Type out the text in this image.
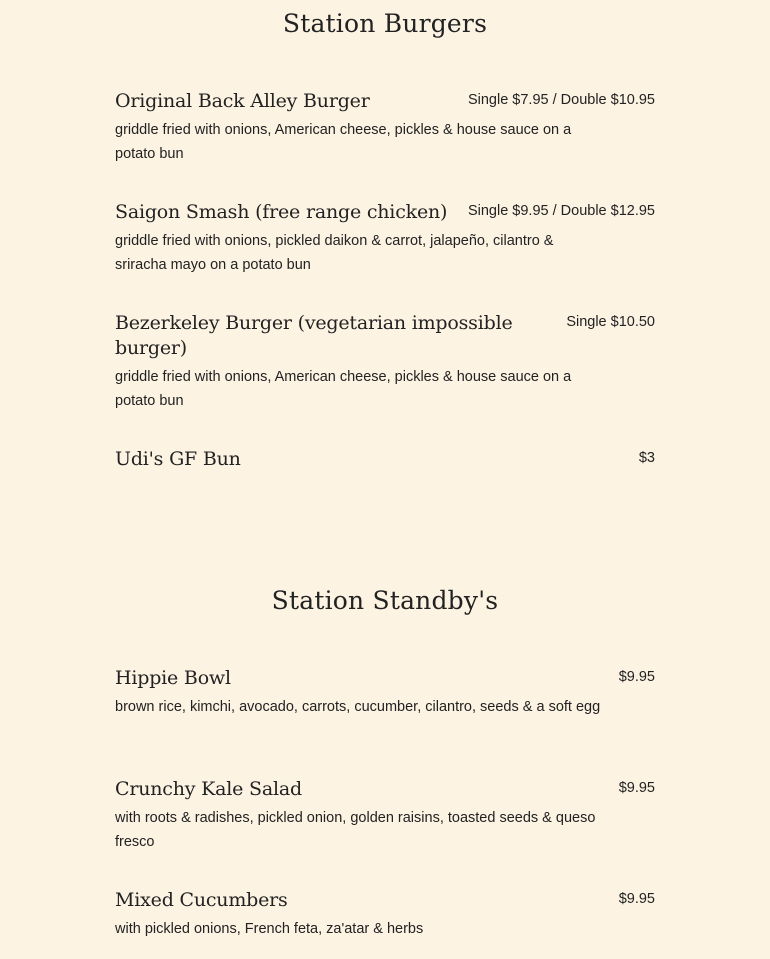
Station Burgers
Original Back Alley Burger	Single $7.95 / Double $10.95
griddle fried with onions, American cheese, pickles & house sauce on a potato bun
Saigon Smash (free range chicken) Single $9.95 / Double $12.95
griddle fried with onions, pickled daikon & carrot, jalapeño, cilantro & sriracha mayo on a potato bun
Bezerkeley Burger (vegetarian impossible burger)
Single $10.50
griddle fried with onions, American cheese, pickles & house sauce on a potato bun
Udi's GF Bun	$3
Station Standby's
Hippie Bowl	$9.95
brown rice, kimchi, avocado, carrots, cucumber, cilantro, seeds & a soft egg
Crunchy Kale Salad	$9.95
with roots & radishes, pickled onion, golden raisins, toasted seeds & queso fresco
Mixed Cucumbers	$9.95
with pickled onions, French feta, za'atar & herbs
